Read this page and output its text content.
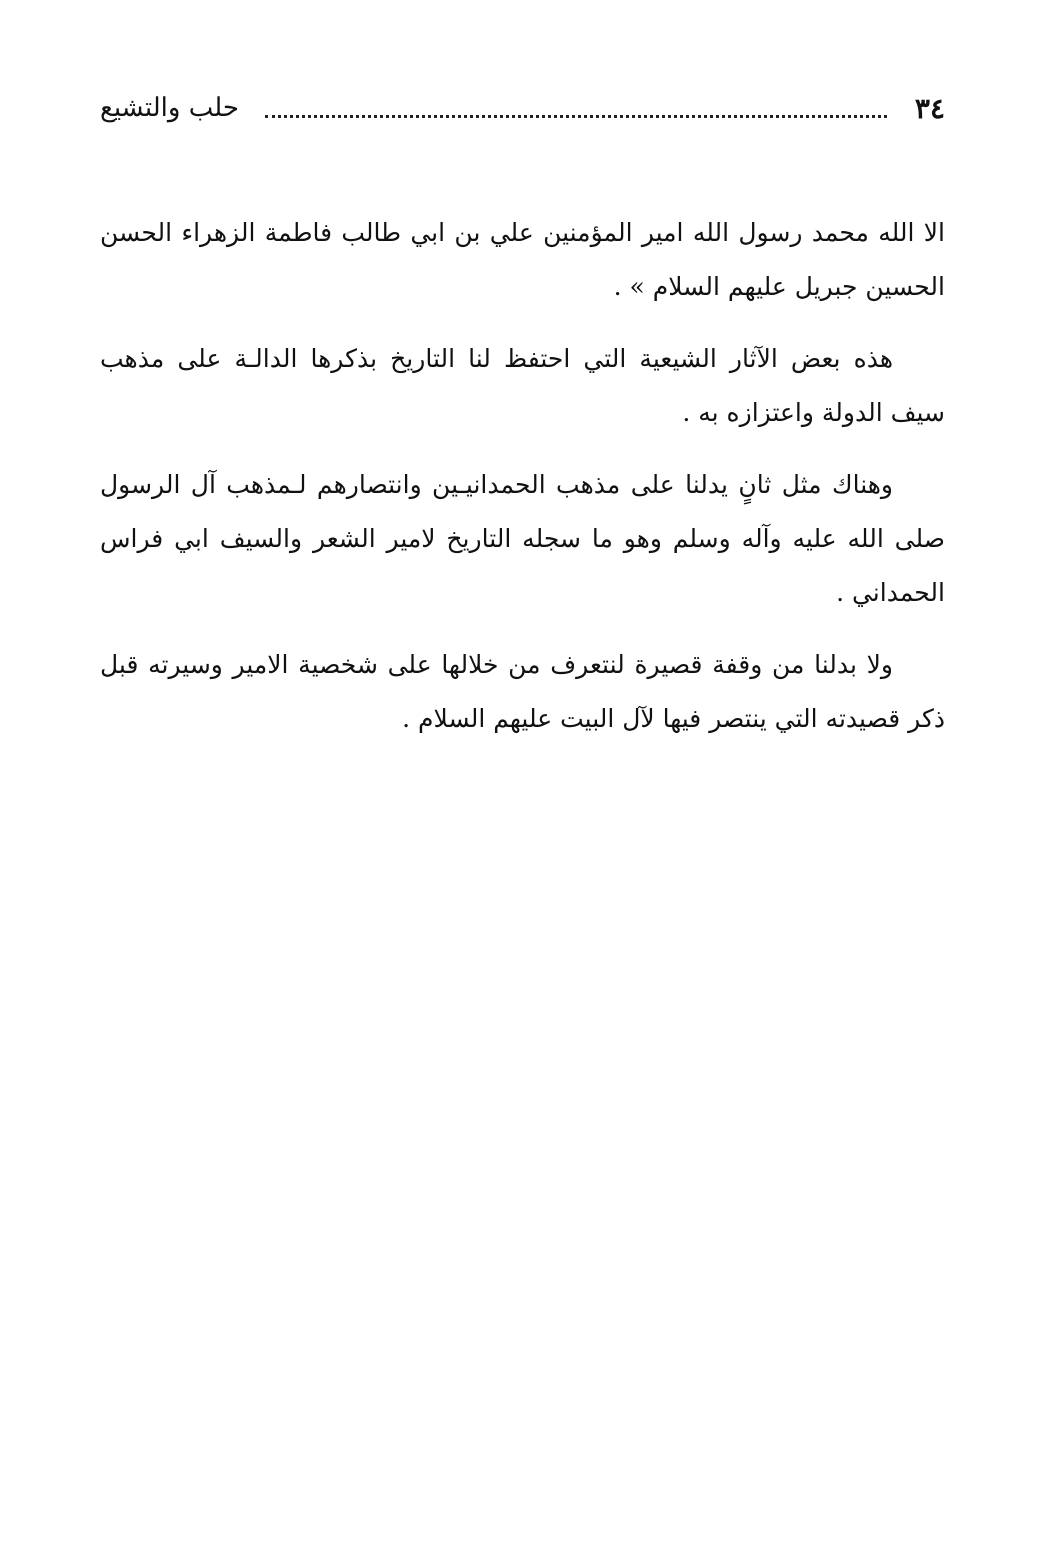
٣٤
حلب والتشيع

الا الله محمد رسول الله امير المؤمنين علي بن ابي طالب فاطمة الزهراء الحسن الحسين جبريل عليهم السلام » .

هذه بعض الآثار الشيعية التي احتفظ لنا التاريخ بذكرها الدالـة على مذهب سيف الدولة واعتزازه به .

وهناك مثل ثانٍ يدلنا على مذهب الحمدانيـين وانتصارهم لـمذهب آل الرسول صلى الله عليه وآله وسلم وهو ما سجله التاريخ لامير الشعر والسيف ابي فراس الحمداني .

ولا بدلنا من وقفة قصيرة لنتعرف من خلالها على شخصية الامير وسيرته قبل ذكر قصيدته التي ينتصر فيها لآل البيت عليهم السلام .
